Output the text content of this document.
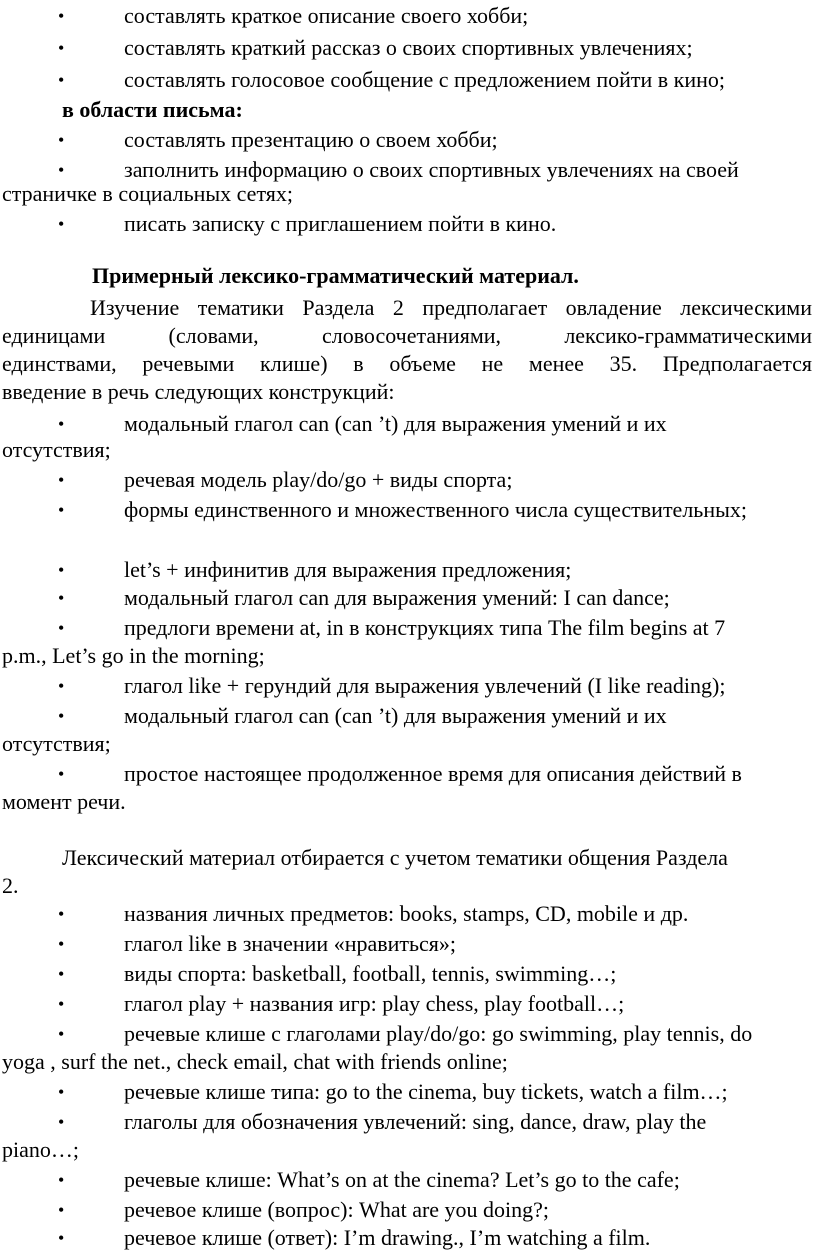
•	составлять краткое описание своего хобби;
•	составлять краткий рассказ о своих спортивных увлечениях;
•	составлять голосовое сообщение с предложением пойти в кино;
в области письма:
•	составлять презентацию о своем хобби;
•	заполнить информацию о своих спортивных увлечениях на своей
страничке в социальных сетях;
•	писать записку с приглашением пойти в кино.
Примерный лексико-грамматический материал.
Изучение тематики Раздела 2 предполагает овладение лексическими
единицами (словами, словосочетаниями, лексико-грамматическими
единствами, речевыми клише) в объеме не менее 35. Предполагается
введение в речь следующих конструкций:
•	модальный глагол can (can ’t) для выражения умений и их
отсутствия;
•	речевая модель play/do/go + виды спорта;
•	формы единственного и множественного числа существительных;
•	let’s + инфинитив для выражения предложения;
•	модальный глагол can для выражения умений: I can dance;
•	предлоги времени at, in в конструкциях типа The film begins at 7
p.m., Let’s go in the morning;
•	глагол like + герундий для выражения увлечений (I like reading);
•	модальный глагол can (can ’t) для выражения умений и их
отсутствия;
•	простое настоящее продолженное время для описания действий в
момент речи.
Лексический материал отбирается с учетом тематики общения Раздела
2.
•	названия личных предметов: books, stamps, CD, mobile и др.
•	глагол like в значении «нравиться»;
•	виды спорта: basketball, football, tennis, swimming…;
•	глагол play + названия игр: play chess, play football…;
•	речевые клише с глаголами play/do/go: go swimming, play tennis, do
yoga , surf the net., check email, chat with friends online;
•	речевые клише типа: go to the cinema, buy tickets, watch a film…;
•	глаголы для обозначения увлечений: sing, dance, draw, play the
piano…;
•	речевые клише: What’s on at the cinema? Let’s go to the cafe;
•	речевое клише (вопрос): What are you doing?;
•	речевое клише (ответ): I’m drawing., I’m watching a film.
